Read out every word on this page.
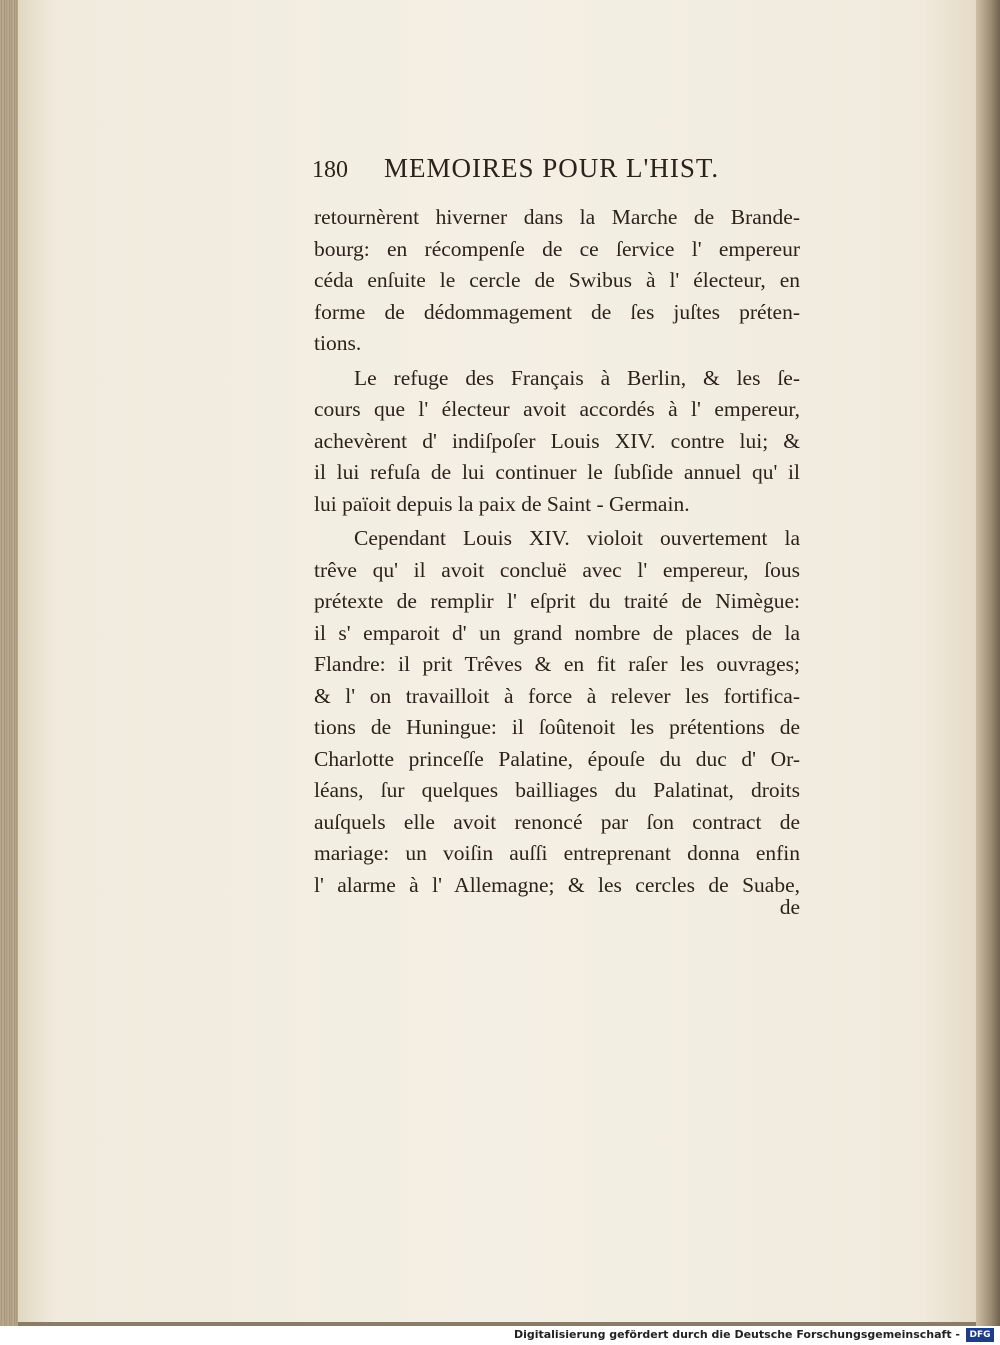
180 MEMOIRES POUR L'HIST.
retournèrent hiverner dans la Marche de Brande-
bourg: en récompenſe de ce ſervice l' empereur
céda enſuite le cercle de Swibus à l' électeur, en
forme de dédommagement de ſes juſtes préten-
tions.
Le refuge des Français à Berlin, & les ſe-
cours que l' électeur avoit accordés à l' empereur,
achevèrent d' indiſpoſer Louis XIV. contre lui; &
il lui refuſa de lui continuer le ſubſide annuel qu' il
lui païoit depuis la paix de Saint - Germain.
Cependant Louis XIV. violoit ouvertement la
trêve qu' il avoit concluë avec l' empereur, ſous
prétexte de remplir l' eſprit du traité de Nimègue:
il s' emparoit d' un grand nombre de places de la
Flandre: il prit Trêves & en fit raſer les ouvrages;
& l' on travailloit à force à relever les fortifica-
tions de Huningue: il ſoûtenoit les prétentions de
Charlotte princeſſe Palatine, épouſe du duc d' Or-
léans, ſur quelques bailliages du Palatinat, droits
auſquels elle avoit renoncé par ſon contract de
mariage: un voiſin auſſi entreprenant donna enfin
l' alarme à l' Allemagne; & les cercles de Suabe,
de
Digitalisierung gefördert durch die Deutsche Forschungsgemeinschaft -	DFG
